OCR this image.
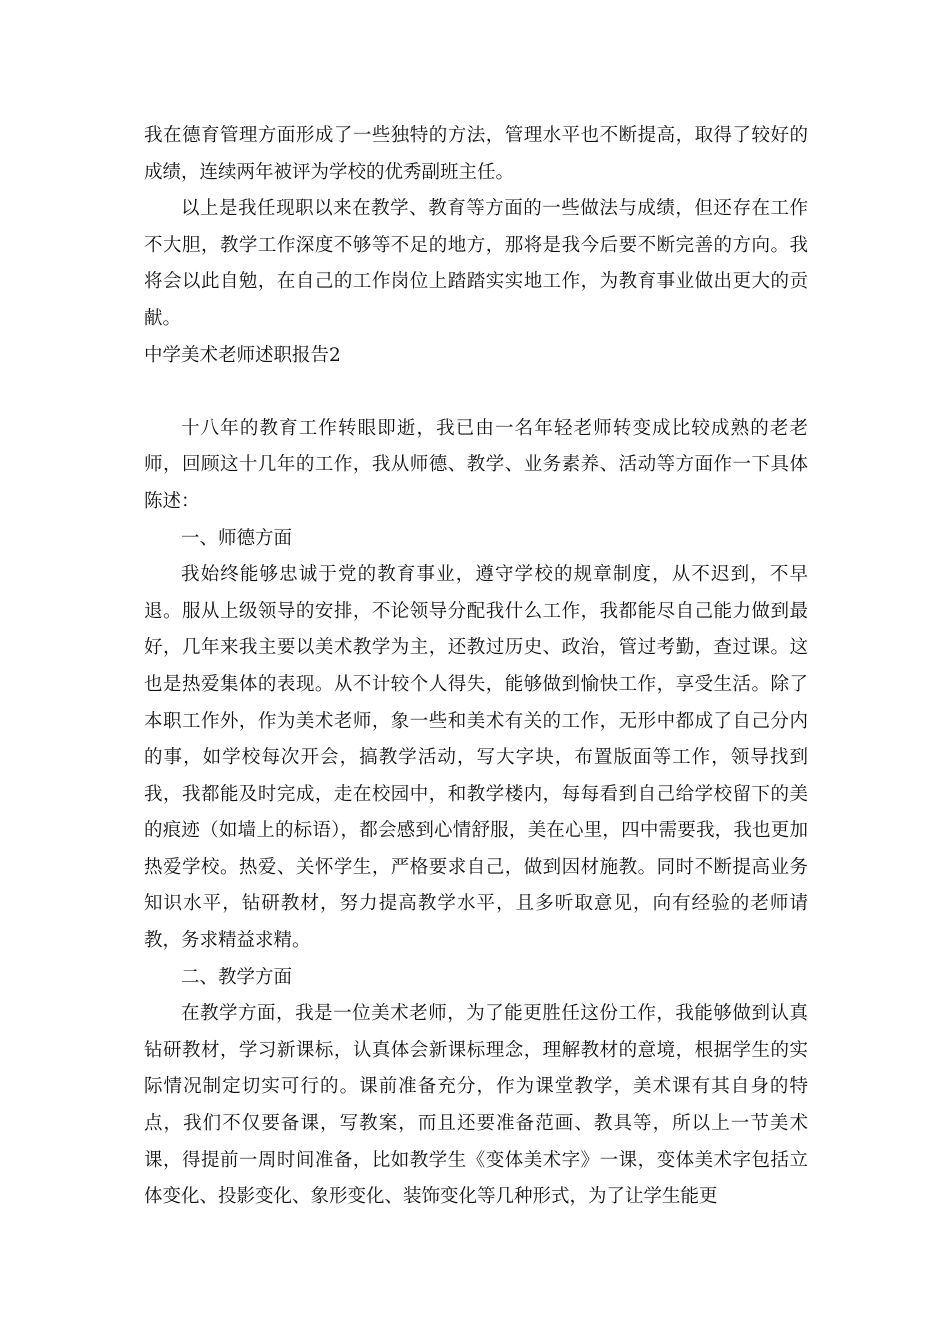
我在德育管理方面形成了一些独特的方法，管理水平也不断提高，取得了较好的成绩，连续两年被评为学校的优秀副班主任。

以上是我任现职以来在教学、教育等方面的一些做法与成绩，但还存在工作不大胆，教学工作深度不够等不足的地方，那将是我今后要不断完善的方向。我将会以此自勉，在自己的工作岗位上踏踏实实地工作，为教育事业做出更大的贡献。

中学美术老师述职报告2

十八年的教育工作转眼即逝，我已由一名年轻老师转变成比较成熟的老老师，回顾这十几年的工作，我从师德、教学、业务素养、活动等方面作一下具体陈述：

一、师德方面

我始终能够忠诚于党的教育事业，遵守学校的规章制度，从不迟到，不早退。服从上级领导的安排，不论领导分配我什么工作，我都能尽自己能力做到最好，几年来我主要以美术教学为主，还教过历史、政治，管过考勤，查过课。这也是热爱集体的表现。从不计较个人得失，能够做到愉快工作，享受生活。除了本职工作外，作为美术老师，象一些和美术有关的工作，无形中都成了自己分内的事，如学校每次开会，搞教学活动，写大字块，布置版面等工作，领导找到我，我都能及时完成，走在校园中，和教学楼内，每每看到自己给学校留下的美的痕迹（如墙上的标语），都会感到心情舒服，美在心里，四中需要我，我也更加热爱学校。热爱、关怀学生，严格要求自己，做到因材施教。同时不断提高业务知识水平，钻研教材，努力提高教学水平，且多听取意见，向有经验的老师请教，务求精益求精。

二、教学方面

在教学方面，我是一位美术老师，为了能更胜任这份工作，我能够做到认真钻研教材，学习新课标，认真体会新课标理念，理解教材的意境，根据学生的实际情况制定切实可行的。课前准备充分，作为课堂教学，美术课有其自身的特点，我们不仅要备课，写教案，而且还要准备范画、教具等，所以上一节美术课，得提前一周时间准备，比如教学生《变体美术字》一课，变体美术字包括立体变化、投影变化、象形变化、装饰变化等几种形式，为了让学生能更
